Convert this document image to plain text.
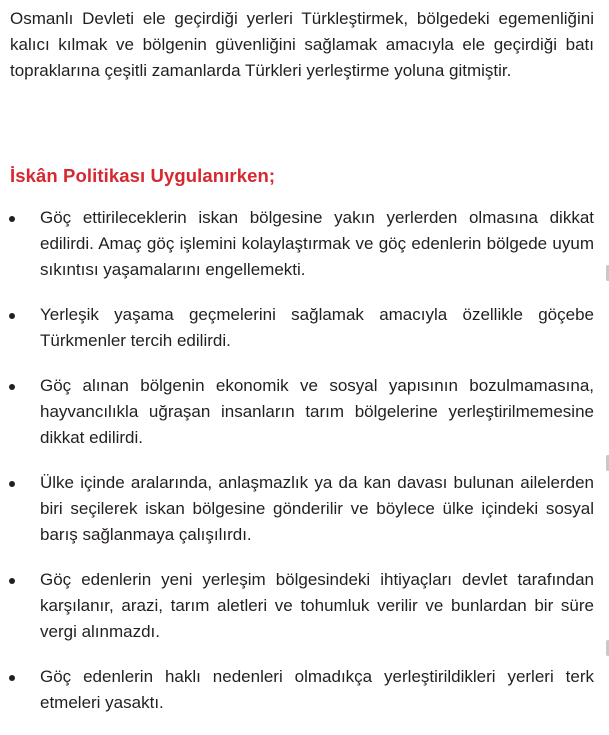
Osmanlı Devleti ele geçirdiği yerleri Türkleştirmek, bölgedeki egemenliğini kalıcı kılmak ve bölgenin güvenliğini sağlamak amacıyla ele geçirdiği batı topraklarına çeşitli zamanlarda Türkleri yerleştirme yoluna gitmiştir.

İskân Politikası Uygulanırken;
Göç ettirileceklerin iskan bölgesine yakın yerlerden olmasına dikkat edilirdi. Amaç göç işlemini kolaylaştırmak ve göç edenlerin bölgede uyum sıkıntısı yaşamalarını engellemekti.
Yerleşik yaşama geçmelerini sağlamak amacıyla özellikle göçebe Türkmenler tercih edilirdi.
Göç alınan bölgenin ekonomik ve sosyal yapısının bozulmamasına, hayvancılıkla uğraşan insanların tarım bölgelerine yerleştirilmemesine dikkat edilirdi.
Ülke içinde aralarında, anlaşmazlık ya da kan davası bulunan ailelerden biri seçilerek iskan bölgesine gönderilir ve böylece ülke içindeki sosyal barış sağlanmaya çalışılırdı.
Göç edenlerin yeni yerleşim bölgesindeki ihtiyaçları devlet tarafından karşılanır, arazi, tarım aletleri ve tohumluk verilir ve bunlardan bir süre vergi alınmazdı.
Göç edenlerin haklı nedenleri olmadıkça yerleştirildikleri yerleri terk etmeleri yasaktı.
